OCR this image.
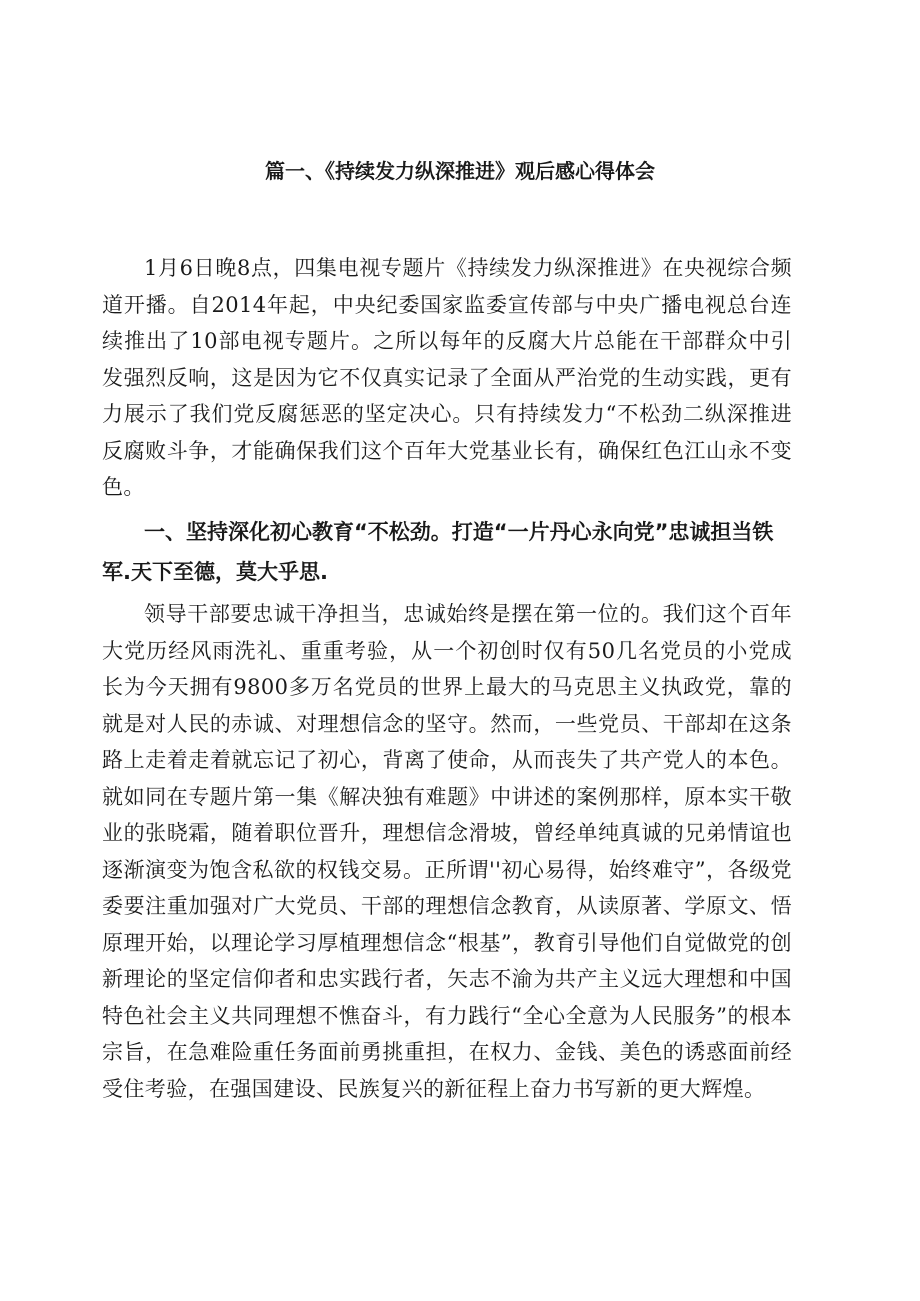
篇一、《持续发力纵深推进》观后感心得体会

1月6日晚8点，四集电视专题片《持续发力纵深推进》在央视综合频道开播。自2014年起，中央纪委国家监委宣传部与中央广播电视总台连续推出了10部电视专题片。之所以每年的反腐大片总能在干部群众中引发强烈反响，这是因为它不仅真实记录了全面从严治党的生动实践，更有力展示了我们党反腐惩恶的坚定决心。只有持续发力“不松劲二纵深推进反腐败斗争，才能确保我们这个百年大党基业长有，确保红色江山永不变色。

一、坚持深化初心教育“不松劲。打造“一片丹心永向党”忠诚担当铁军.天下至德，莫大乎思.

领导干部要忠诚干净担当，忠诚始终是摆在第一位的。我们这个百年大党历经风雨洗礼、重重考验，从一个初创时仅有50几名党员的小党成长为今天拥有9800多万名党员的世界上最大的马克思主义执政党，靠的就是对人民的赤诚、对理想信念的坚守。然而，一些党员、干部却在这条路上走着走着就忘记了初心，背离了使命，从而丧失了共产党人的本色。就如同在专题片第一集《解决独有难题》中讲述的案例那样，原本实干敬业的张晓霜，随着职位晋升，理想信念滑坡，曾经单纯真诚的兄弟情谊也逐渐演变为饱含私欲的权钱交易。正所谓''初心易得，始终难守”，各级党委要注重加强对广大党员、干部的理想信念教育，从读原著、学原文、悟原理开始，以理论学习厚植理想信念“根基”，教育引导他们自觉做党的创新理论的坚定信仰者和忠实践行者，矢志不渝为共产主义远大理想和中国特色社会主义共同理想不憔奋斗，有力践行“全心全意为人民服务”的根本宗旨，在急难险重任务面前勇挑重担，在权力、金钱、美色的诱惑面前经受住考验，在强国建设、民族复兴的新征程上奋力书写新的更大辉煌。
